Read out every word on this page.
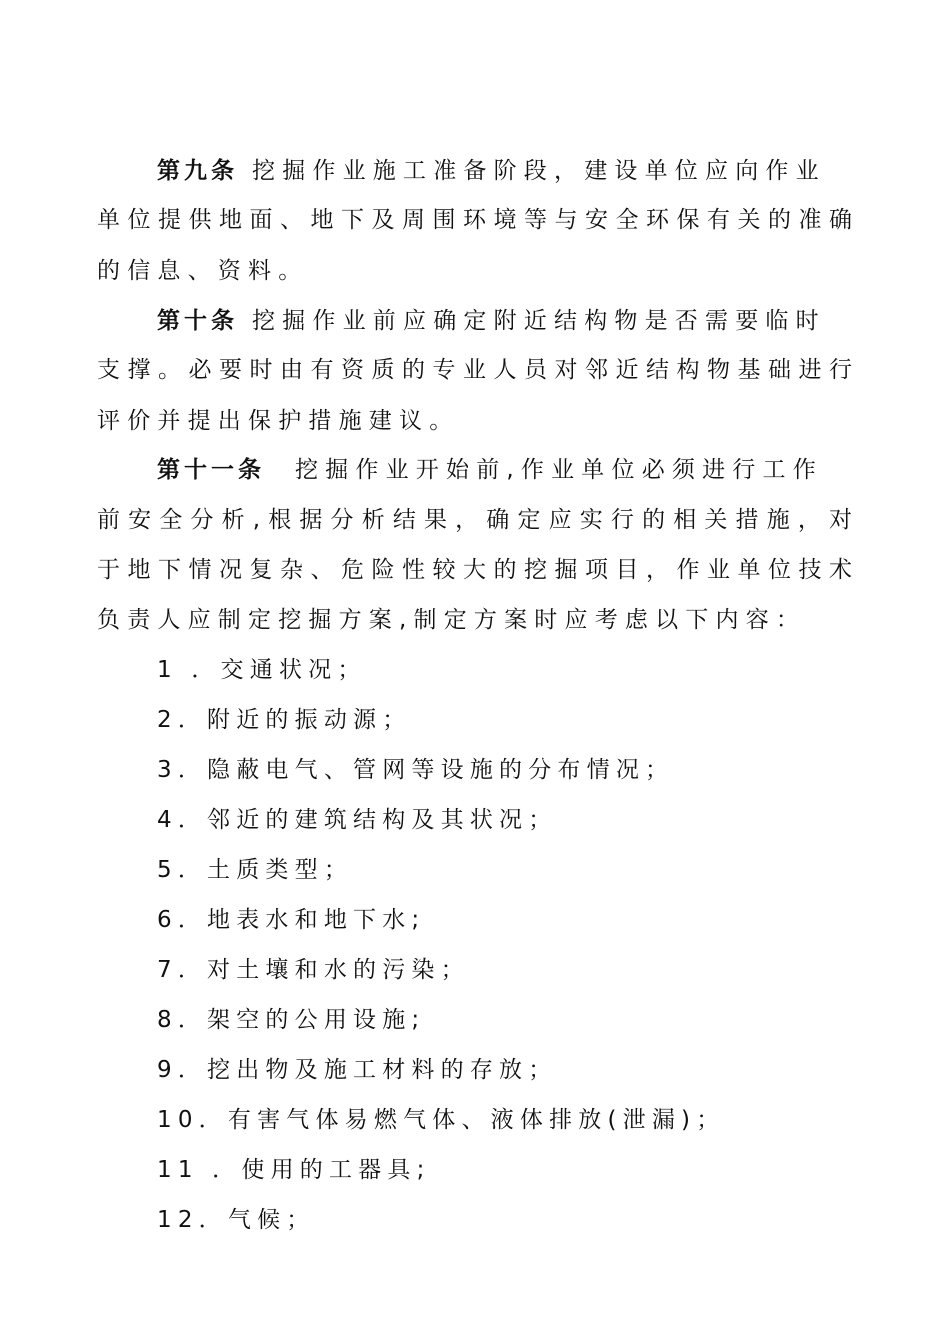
第九条 挖掘作业施工准备阶段，建设单位应向作业
单位提供地面、地下及周围环境等与安全环保有关的准确
的信息、资料。
第十条 挖掘作业前应确定附近结构物是否需要临时
支撑。必要时由有资质的专业人员对邻近结构物基础进行
评价并提出保护措施建议。
第十一条 挖掘作业开始前,作业单位必须进行工作
前安全分析,根据分析结果，确定应实行的相关措施，对
于地下情况复杂、危险性较大的挖掘项目，作业单位技术
负责人应制定挖掘方案,制定方案时应考虑以下内容：
1 ．交通状况；
2．附近的振动源；
3．隐蔽电气、管网等设施的分布情况；
4．邻近的建筑结构及其状况；
5．土质类型；
6．地表水和地下水;
7．对土壤和水的污染；
8．架空的公用设施;
9．挖出物及施工材料的存放；
10．有害气体易燃气体、液体排放(泄漏)；
11 ．使用的工器具;
12．气候；
